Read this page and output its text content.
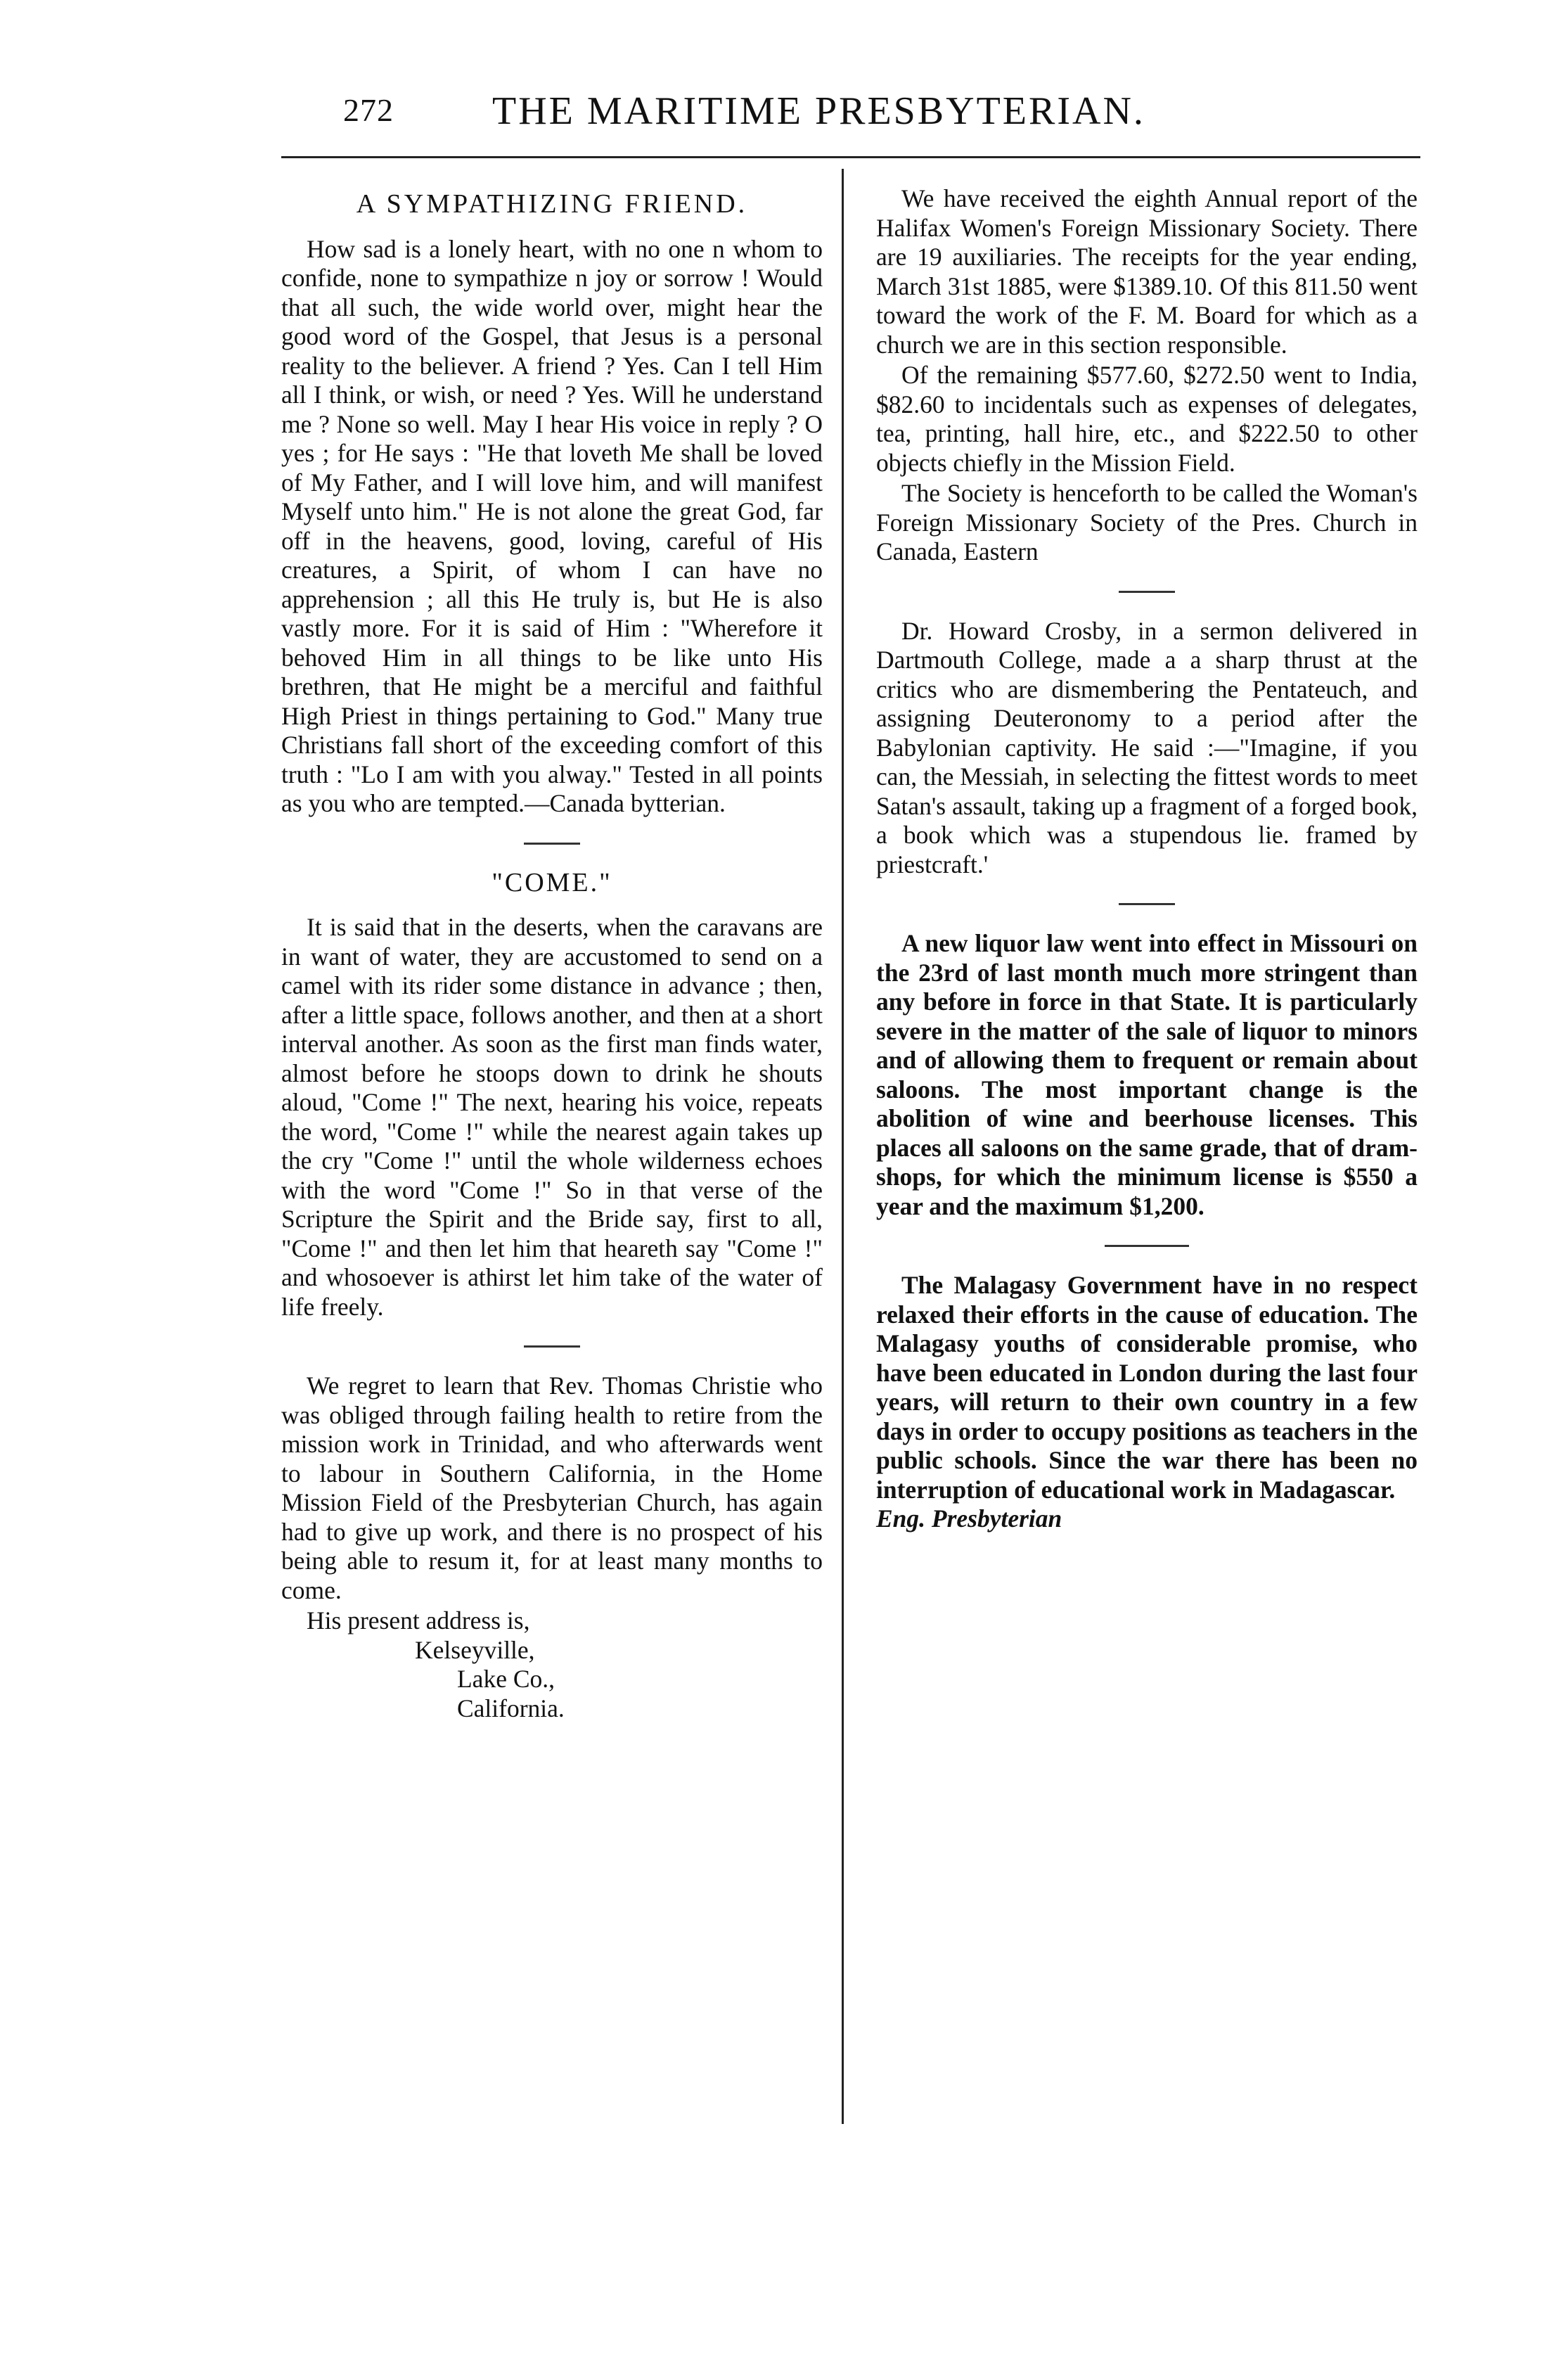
272	THE MARITIME PRESBYTERIAN.
A SYMPATHIZING FRIEND.

How sad is a lonely heart, with no one n whom to confide, none to sympathize n joy or sorrow ! Would that all such, the wide world over, might hear the good word of the Gospel, that Jesus is a personal reality to the believer. A friend ? Yes. Can I tell Him all I think, or wish, or need ? Yes. Will he understand me ? None so well. May I hear His voice in reply ? O yes ; for He says : "He that loveth Me shall be loved of My Father, and I will love him, and will manifest Myself unto him." He is not alone the great God, far off in the heavens, good, loving, careful of His creatures, a Spirit, of whom I can have no apprehension ; all this He truly is, but He is also vastly more. For it is said of Him : "Wherefore it behoved Him in all things to be like unto His brethren, that He might be a merciful and faithful High Priest in things pertaining to God." Many true Christians fall short of the exceeding comfort of this truth : "Lo I am with you alway." Tested in all points as you who are tempted.—Canada bytterian.

"COME."

It is said that in the deserts, when the caravans are in want of water, they are accustomed to send on a camel with its rider some distance in advance ; then, after a little space, follows another, and then at a short interval another. As soon as the first man finds water, almost before he stoops down to drink he shouts aloud, "Come !" The next, hearing his voice, repeats the word, "Come !" while the nearest again takes up the cry "Come !" until the whole wilderness echoes with the word "Come !" So in that verse of the Scripture the Spirit and the Bride say, first to all, "Come !" and then let him that heareth say "Come !" and whosoever is athirst let him take of the water of life freely.

We regret to learn that Rev. Thomas Christie who was obliged through failing health to retire from the mission work in Trinidad, and who afterwards went to labour in Southern California, in the Home Mission Field of the Presbyterian Church, has again had to give up work, and there is no prospect of his being able to resum it, for at least many months to come.

His present address is,

Kelseyville,
Lake Co.,
California.

We have received the eighth Annual report of the Halifax Women's Foreign Missionary Society. There are 19 auxiliaries. The receipts for the year ending, March 31st 1885, were $1389.10. Of this 811.50 went toward the work of the F. M. Board for which as a church we are in this section responsible.

Of the remaining $577.60, $272.50 went to India, $82.60 to incidentals such as expenses of delegates, tea, printing, hall hire, etc., and $222.50 to other objects chiefly in the Mission Field.

The Society is henceforth to be called the Woman's Foreign Missionary Society of the Pres. Church in Canada, Eastern

Dr. Howard Crosby, in a sermon delivered in Dartmouth College, made a a sharp thrust at the critics who are dismembering the Pentateuch, and assigning Deuteronomy to a period after the Babylonian captivity. He said :—"Imagine, if you can, the Messiah, in selecting the fittest words to meet Satan's assault, taking up a fragment of a forged book, a book which was a stupendous lie. framed by priestcraft.'

A new liquor law went into effect in Missouri on the 23rd of last month much more stringent than any before in force in that State. It is particularly severe in the matter of the sale of liquor to minors and of allowing them to frequent or remain about saloons. The most important change is the abolition of wine and beerhouse licenses. This places all saloons on the same grade, that of dram-shops, for which the minimum license is $550 a year and the maximum $1,200.

The Malagasy Government have in no respect relaxed their efforts in the cause of education. The Malagasy youths of considerable promise, who have been educated in London during the last four years, will return to their own country in a few days in order to occupy positions as teachers in the public schools. Since the war there has been no interruption of educational work in Madagascar.

Eng. Presbyterian
